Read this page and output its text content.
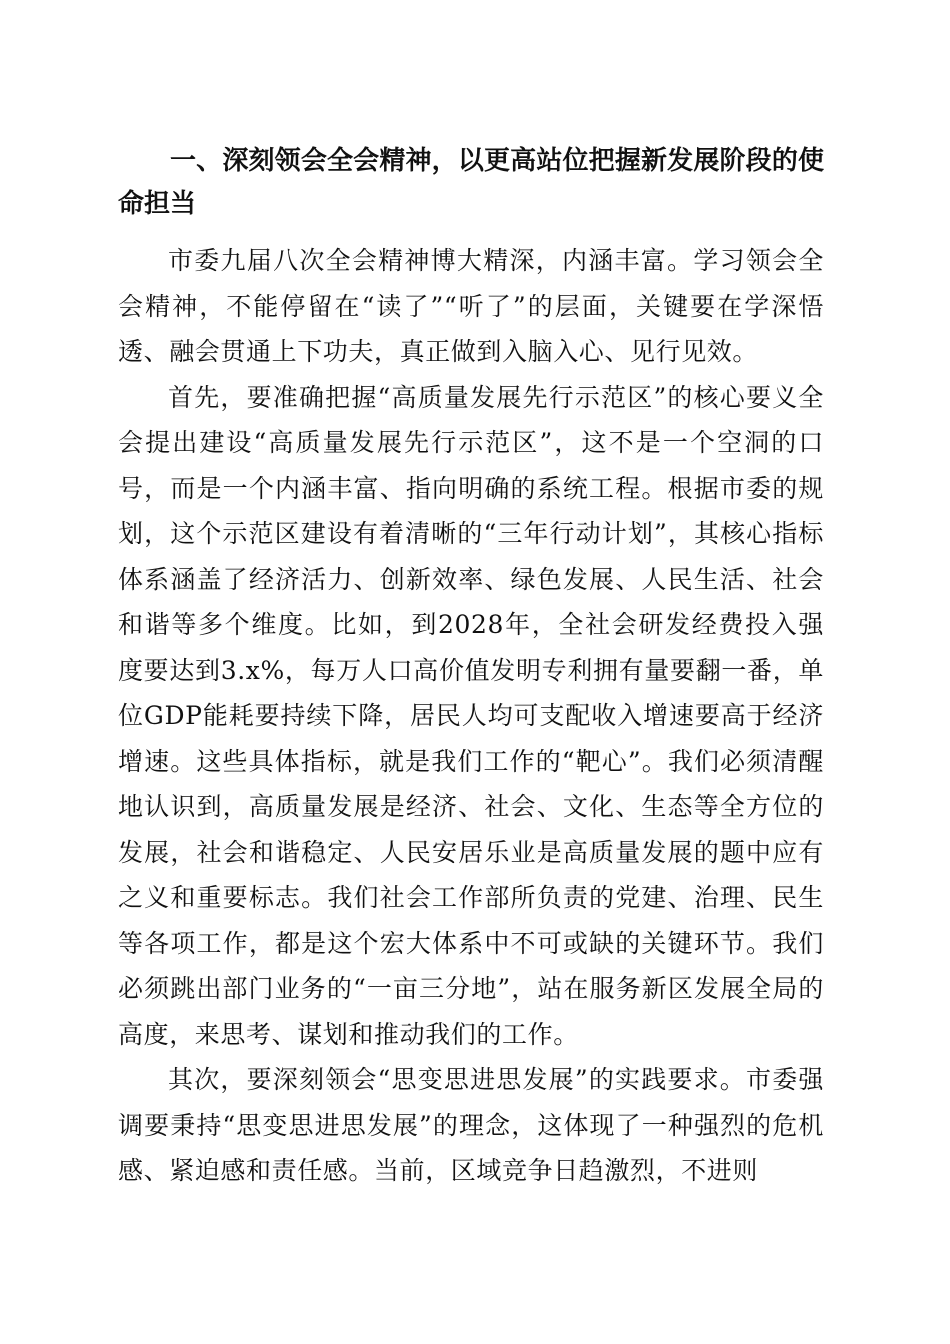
一、深刻领会全会精神，以更高站位把握新发展阶段的使命担当

市委九届八次全会精神博大精深，内涵丰富。学习领会全会精神，不能停留在“读了”“听了”的层面，关键要在学深悟透、融会贯通上下功夫，真正做到入脑入心、见行见效。

首先，要准确把握“高质量发展先行示范区”的核心要义全会提出建设“高质量发展先行示范区”，这不是一个空洞的口号，而是一个内涵丰富、指向明确的系统工程。根据市委的规划，这个示范区建设有着清晰的“三年行动计划”，其核心指标体系涵盖了经济活力、创新效率、绿色发展、人民生活、社会和谐等多个维度。比如，到2028年，全社会研发经费投入强度要达到3.x%，每万人口高价值发明专利拥有量要翻一番，单位GDP能耗要持续下降，居民人均可支配收入增速要高于经济增速。这些具体指标，就是我们工作的“靶心”。我们必须清醒地认识到，高质量发展是经济、社会、文化、生态等全方位的发展，社会和谐稳定、人民安居乐业是高质量发展的题中应有之义和重要标志。我们社会工作部所负责的党建、治理、民生等各项工作，都是这个宏大体系中不可或缺的关键环节。我们必须跳出部门业务的“一亩三分地”，站在服务新区发展全局的高度，来思考、谋划和推动我们的工作。

其次，要深刻领会“思变思进思发展”的实践要求。市委强调要秉持“思变思进思发展”的理念，这体现了一种强烈的危机感、紧迫感和责任感。当前，区域竞争日趋激烈，不进则
